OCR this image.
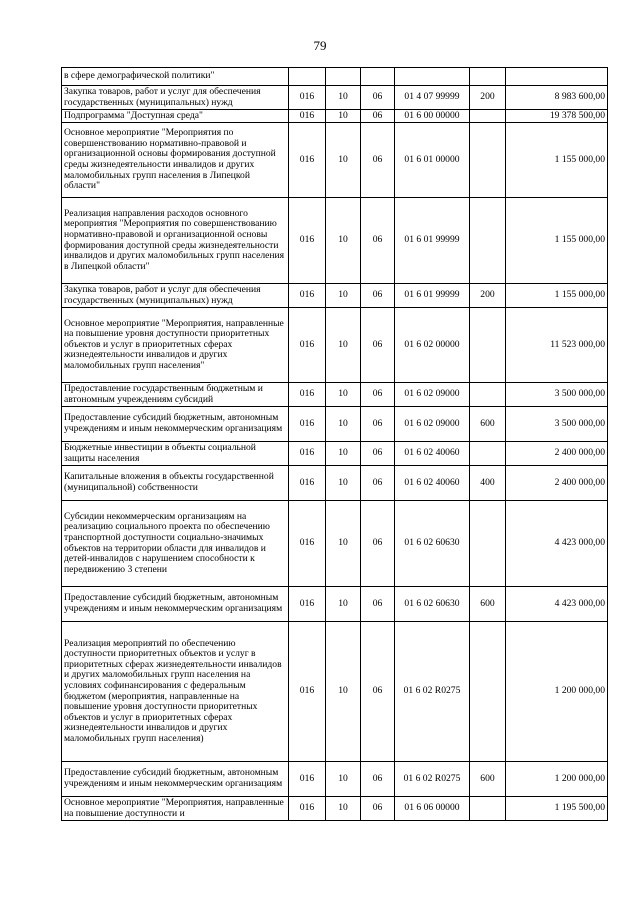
79
в сфере демографической политики"						
Закупка товаров, работ и услуг для обеспечения государственных (муниципальных) нужд	016	10	06	01 4 07 99999	200	8 983 600,00
Подпрограмма "Доступная среда"	016	10	06	01 6 00 00000		19 378 500,00
Основное мероприятие "Мероприятия по совершенствованию нормативно-правовой и организационной основы формирования доступной среды жизнедеятельности инвалидов и других маломобильных групп населения в Липецкой области"	016	10	06	01 6 01 00000		1 155 000,00
Реализация направления расходов основного мероприятия "Мероприятия по совершенствованию нормативно-правовой и организационной основы формирования доступной среды жизнедеятельности инвалидов и других маломобильных групп населения в Липецкой области"	016	10	06	01 6 01 99999		1 155 000,00
Закупка товаров, работ и услуг для обеспечения государственных (муниципальных) нужд	016	10	06	01 6 01 99999	200	1 155 000,00
Основное мероприятие "Мероприятия, направленные на повышение уровня доступности приоритетных объектов и услуг в приоритетных сферах жизнедеятельности инвалидов и других маломобильных групп населения"	016	10	06	01 6 02 00000		11 523 000,00
Предоставление государственным бюджетным и автономным учреждениям субсидий	016	10	06	01 6 02 09000		3 500 000,00
Предоставление субсидий бюджетным, автономным учреждениям и иным некоммерческим организациям	016	10	06	01 6 02 09000	600	3 500 000,00
Бюджетные инвестиции в объекты социальной защиты населения	016	10	06	01 6 02 40060		2 400 000,00
Капитальные вложения в объекты государственной (муниципальной) собственности	016	10	06	01 6 02 40060	400	2 400 000,00
Субсидии некоммерческим организациям на реализацию социального проекта по обеспечению транспортной доступности социально-значимых объектов на территории области для инвалидов и детей-инвалидов с нарушением способности к передвижению 3 степени	016	10	06	01 6 02 60630		4 423 000,00
Предоставление субсидий бюджетным, автономным учреждениям и иным некоммерческим организациям	016	10	06	01 6 02 60630	600	4 423 000,00
Реализация мероприятий по обеспечению доступности приоритетных объектов и услуг в приоритетных сферах жизнедеятельности инвалидов и других маломобильных групп населения на условиях софинансирования с федеральным бюджетом (мероприятия, направленные на повышение уровня доступности приоритетных объектов и услуг в приоритетных сферах жизнедеятельности инвалидов и других маломобильных групп населения)	016	10	06	01 6 02 R0275		1 200 000,00
Предоставление субсидий бюджетным, автономным учреждениям и иным некоммерческим организациям	016	10	06	01 6 02 R0275	600	1 200 000,00
Основное мероприятие "Мероприятия, направленные на повышение доступности и	016	10	06	01 6 06 00000		1 195 500,00
